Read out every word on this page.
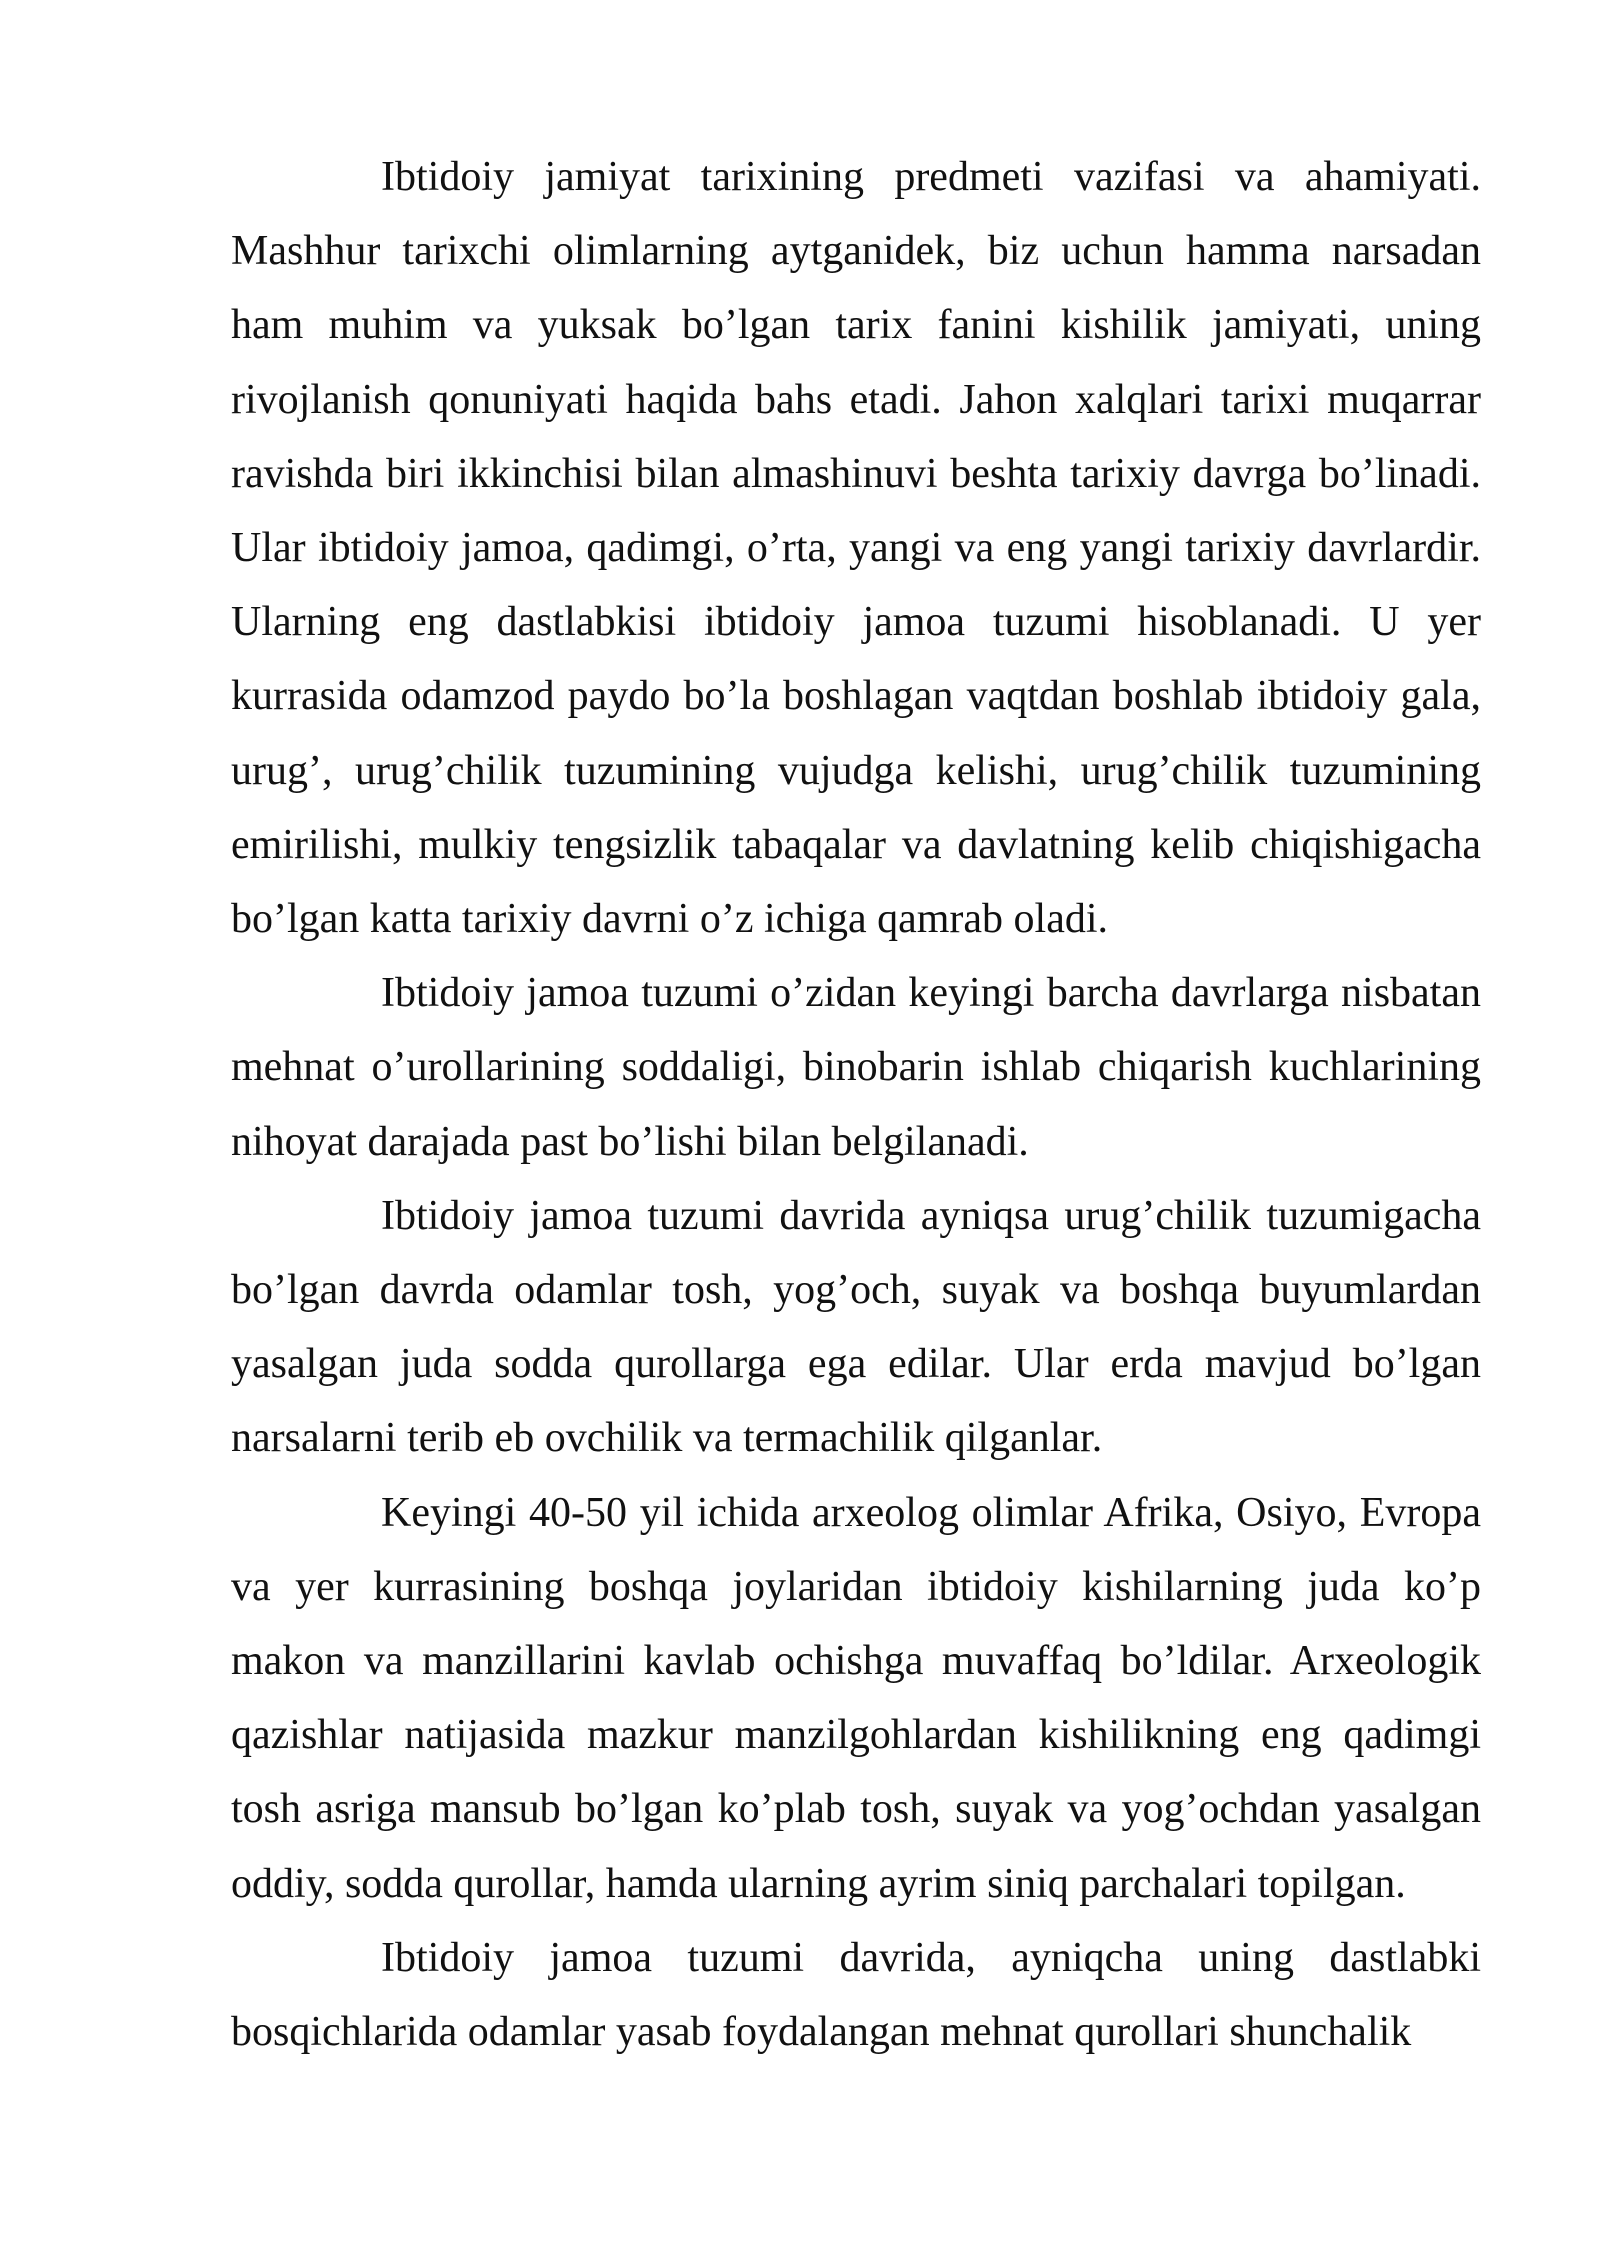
Ibtidoiy jamiyat tarixining predmeti vazifasi va ahamiyati. Mashhur tarixchi olimlarning aytganidek, biz uchun hamma narsadan ham muhim va yuksak bo’lgan tarix fanini kishilik jamiyati, uning rivojlanish qonuniyati haqida bahs etadi. Jahon xalqlari tarixi muqarrar ravishda biri ikkinchisi bilan almashinuvi beshta tarixiy davrga bo’linadi. Ular ibtidoiy jamoa, qadimgi, o’rta, yangi va eng yangi tarixiy davrlardir. Ularning eng dastlabkisi ibtidoiy jamoa tuzumi hisoblanadi. U yer kurrasida odamzod paydo bo’la boshlagan vaqtdan boshlab ibtidoiy gala, urug’, urug’chilik tuzumining vujudga kelishi, urug’chilik tuzumining emirilishi, mulkiy tengsizlik tabaqalar va davlatning kelib chiqishigacha bo’lgan katta tarixiy davrni o’z ichiga qamrab oladi.

Ibtidoiy jamoa tuzumi o’zidan keyingi barcha davrlarga nisbatan mehnat o’urollarining soddaligi, binobarin ishlab chiqarish kuchlarining nihoyat darajada past bo’lishi bilan belgilanadi.

Ibtidoiy jamoa tuzumi davrida ayniqsa urug’chilik tuzumigacha bo’lgan davrda odamlar tosh, yog’och, suyak va boshqa buyumlardan yasalgan juda sodda qurollarga ega edilar. Ular erda mavjud bo’lgan narsalarni terib eb ovchilik va termachilik qilganlar.

Keyingi 40-50 yil ichida arxeolog olimlar Afrika, Osiyo, Evropa va yer kurrasining boshqa joylaridan ibtidoiy kishilarning juda ko’p makon va manzillarini kavlab ochishga muvaffaq bo’ldilar. Arxeologik qazishlar natijasida mazkur manzilgohlardan kishilikning eng qadimgi tosh asriga mansub bo’lgan ko’plab tosh, suyak va yog’ochdan yasalgan oddiy, sodda qurollar, hamda ularning ayrim siniq parchalari topilgan.

Ibtidoiy jamoa tuzumi davrida, ayniqcha uning dastlabki bosqichlarida odamlar yasab foydalangan mehnat qurollari shunchalik
